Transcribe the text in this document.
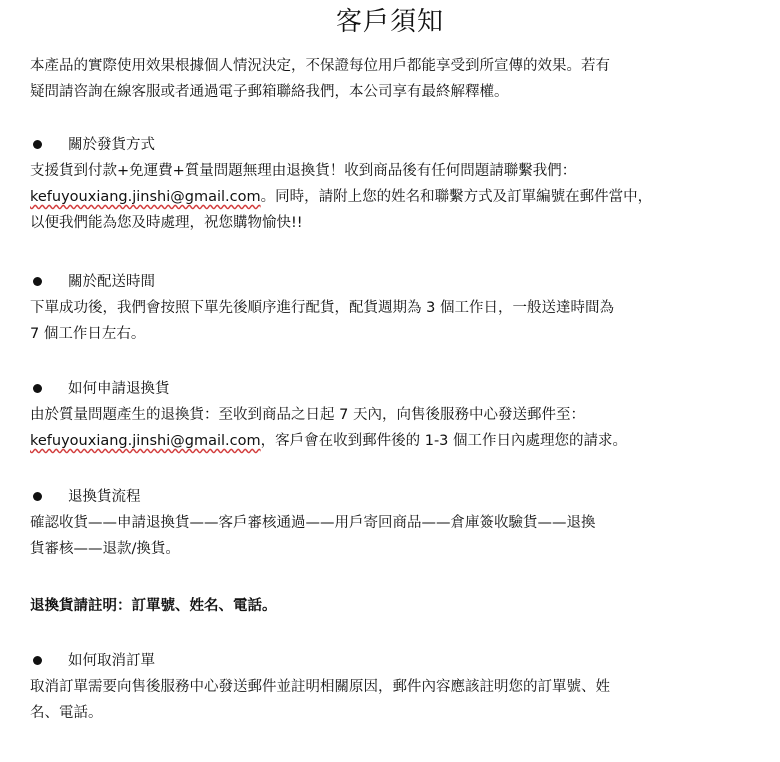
客戶須知
本產品的實際使用效果根據個人情況決定，不保證每位用戶都能享受到所宣傳的效果。若有
疑問請咨詢在線客服或者通過電子郵箱聯絡我們，本公司享有最終解釋權。
關於發貨方式
支援貨到付款+免運費+質量問題無理由退換貨！收到商品後有任何問題請聯繫我們：
kefuyouxiang.jinshi@gmail.com。同時，請附上您的姓名和聯繫方式及訂單編號在郵件當中，
以便我們能為您及時處理，祝您購物愉快!!
關於配送時間
下單成功後，我們會按照下單先後順序進行配貨，配貨週期為 3 個工作日，一般送達時間為
7 個工作日左右。
如何申請退換貨
由於質量問題產生的退換貨：至收到商品之日起 7 天內，向售後服務中心發送郵件至：
kefuyouxiang.jinshi@gmail.com，客戶會在收到郵件後的 1-3 個工作日內處理您的請求。
退換貨流程
確認收貨——申請退換貨——客戶審核通過——用戶寄回商品——倉庫簽收驗貨——退換
貨審核——退款/換貨。
退換貨請註明：訂單號、姓名、電話。
如何取消訂單
取消訂單需要向售後服務中心發送郵件並註明相關原因，郵件內容應該註明您的訂單號、姓
名、電話。
